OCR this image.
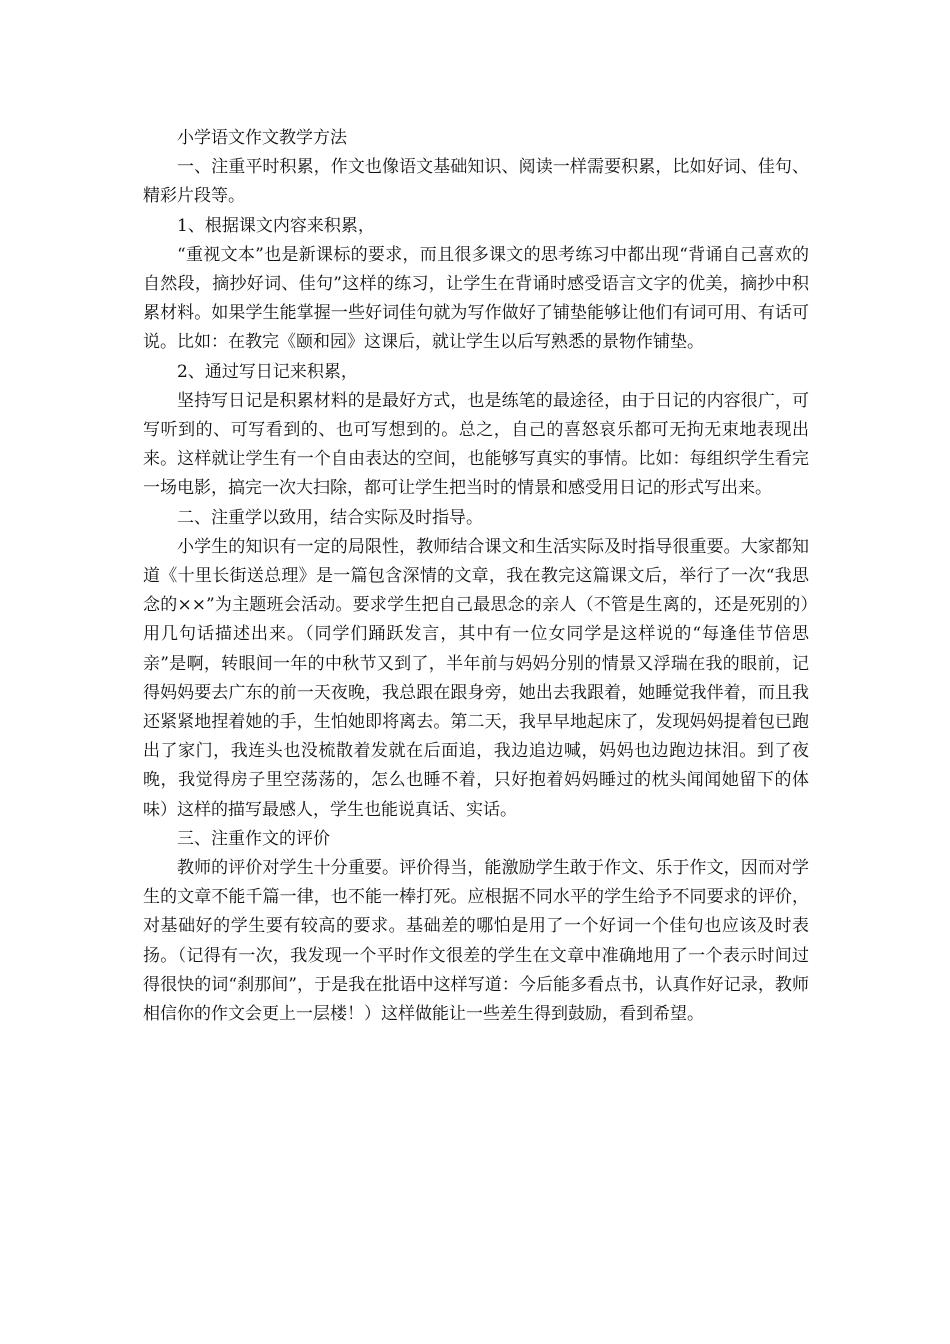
小学语文作文教学方法

一、注重平时积累，作文也像语文基础知识、阅读一样需要积累，比如好词、佳句、精彩片段等。

1、根据课文内容来积累，

“重视文本”也是新课标的要求，而且很多课文的思考练习中都出现“背诵自己喜欢的自然段，摘抄好词、佳句”这样的练习，让学生在背诵时感受语言文字的优美，摘抄中积累材料。如果学生能掌握一些好词佳句就为写作做好了铺垫能够让他们有词可用、有话可说。比如：在教完《颐和园》这课后，就让学生以后写熟悉的景物作铺垫。

2、通过写日记来积累，

坚持写日记是积累材料的是最好方式，也是练笔的最途径，由于日记的内容很广，可写听到的、可写看到的、也可写想到的。总之，自己的喜怒哀乐都可无拘无束地表现出来。这样就让学生有一个自由表达的空间，也能够写真实的事情。比如：每组织学生看完一场电影，搞完一次大扫除，都可让学生把当时的情景和感受用日记的形式写出来。

二、注重学以致用，结合实际及时指导。

小学生的知识有一定的局限性，教师结合课文和生活实际及时指导很重要。大家都知道《十里长街送总理》是一篇包含深情的文章，我在教完这篇课文后，举行了一次“我思念的××”为主题班会活动。要求学生把自己最思念的亲人（不管是生离的，还是死别的）用几句话描述出来。（同学们踊跃发言，其中有一位女同学是这样说的“每逢佳节倍思亲”是啊，转眼间一年的中秋节又到了，半年前与妈妈分别的情景又浮瑞在我的眼前，记得妈妈要去广东的前一天夜晚，我总跟在跟身旁，她出去我跟着，她睡觉我伴着，而且我还紧紧地捏着她的手，生怕她即将离去。第二天，我早早地起床了，发现妈妈提着包已跑出了家门，我连头也没梳散着发就在后面追，我边追边喊，妈妈也边跑边抹泪。到了夜晚，我觉得房子里空荡荡的，怎么也睡不着，只好抱着妈妈睡过的枕头闻闻她留下的体味）这样的描写最感人，学生也能说真话、实话。

三、注重作文的评价

教师的评价对学生十分重要。评价得当，能激励学生敢于作文、乐于作文，因而对学生的文章不能千篇一律，也不能一棒打死。应根据不同水平的学生给予不同要求的评价，对基础好的学生要有较高的要求。基础差的哪怕是用了一个好词一个佳句也应该及时表扬。（记得有一次，我发现一个平时作文很差的学生在文章中准确地用了一个表示时间过得很快的词“刹那间”，于是我在批语中这样写道：今后能多看点书，认真作好记录，教师相信你的作文会更上一层楼！）这样做能让一些差生得到鼓励，看到希望。
